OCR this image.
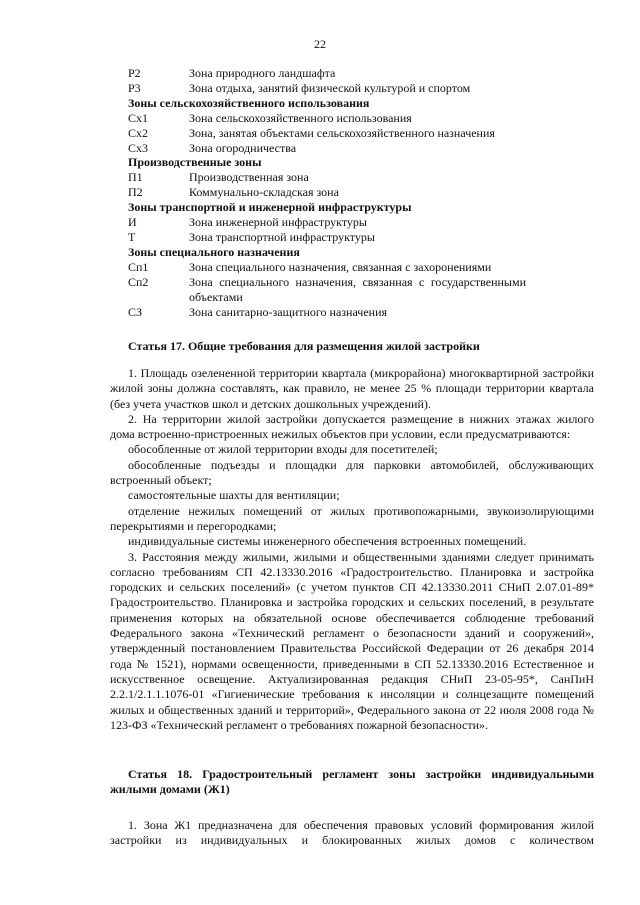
22
Р2	Зона природного ландшафта
Р3	Зона отдыха, занятий физической культурой и спортом
Зоны сельскохозяйственного использования
Сх1	Зона сельскохозяйственного использования
Сх2	Зона, занятая объектами сельскохозяйственного назначения
Сх3	Зона огородничества
Производственные зоны
П1	Производственная зона
П2	Коммунально-складская зона
Зоны транспортной и инженерной инфраструктуры
И	Зона инженерной инфраструктуры
Т	Зона транспортной инфраструктуры
Зоны специального назначения
Сп1	Зона специального назначения, связанная с захоронениями
Сп2	Зона специального назначения, связанная с государственными
объектами
СЗ	Зона санитарно-защитного назначения
Статья 17. Общие требования для размещения жилой застройки
1. Площадь озелененной территории квартала (микрорайона) многоквартирной застройки жилой зоны должна составлять, как правило, не менее 25 % площади территории квартала (без учета участков школ и детских дошкольных учреждений).
2. На территории жилой застройки допускается размещение в нижних этажах жилого дома встроенно-пристроенных нежилых объектов при условии, если предусматриваются:
обособленные от жилой территории входы для посетителей;
обособленные подъезды и площадки для парковки автомобилей, обслуживающих встроенный объект;
самостоятельные шахты для вентиляции;
отделение нежилых помещений от жилых противопожарными, звукоизолирующими перекрытиями и перегородками;
индивидуальные системы инженерного обеспечения встроенных помещений.
3. Расстояния между жилыми, жилыми и общественными зданиями следует принимать согласно требованиям СП 42.13330.2016 «Градостроительство. Планировка и застройка городских и сельских поселений» (с учетом пунктов СП 42.13330.2011 СНиП 2.07.01-89* Градостроительство. Планировка и застройка городских и сельских поселений, в результате применения которых на обязательной основе обеспечивается соблюдение требований Федерального закона «Технический регламент о безопасности зданий и сооружений», утвержденный постановлением Правительства Российской Федерации от 26 декабря 2014 года № 1521), нормами освещенности, приведенными в СП 52.13330.2016 Естественное и искусственное освещение. Актуализированная редакция СНиП 23-05-95*, СанПиН 2.2.1/2.1.1.1076-01 «Гигиенические требования к инсоляции и солнцезащите помещений жилых и общественных зданий и территорий», Федерального закона от 22 июля 2008 года № 123-ФЗ «Технический регламент о требованиях пожарной безопасности».
Статья 18. Градостроительный регламент зоны застройки индивидуальными жилыми домами (Ж1)
1. Зона Ж1 предназначена для обеспечения правовых условий формирования жилой застройки из индивидуальных и блокированных жилых домов с количеством
